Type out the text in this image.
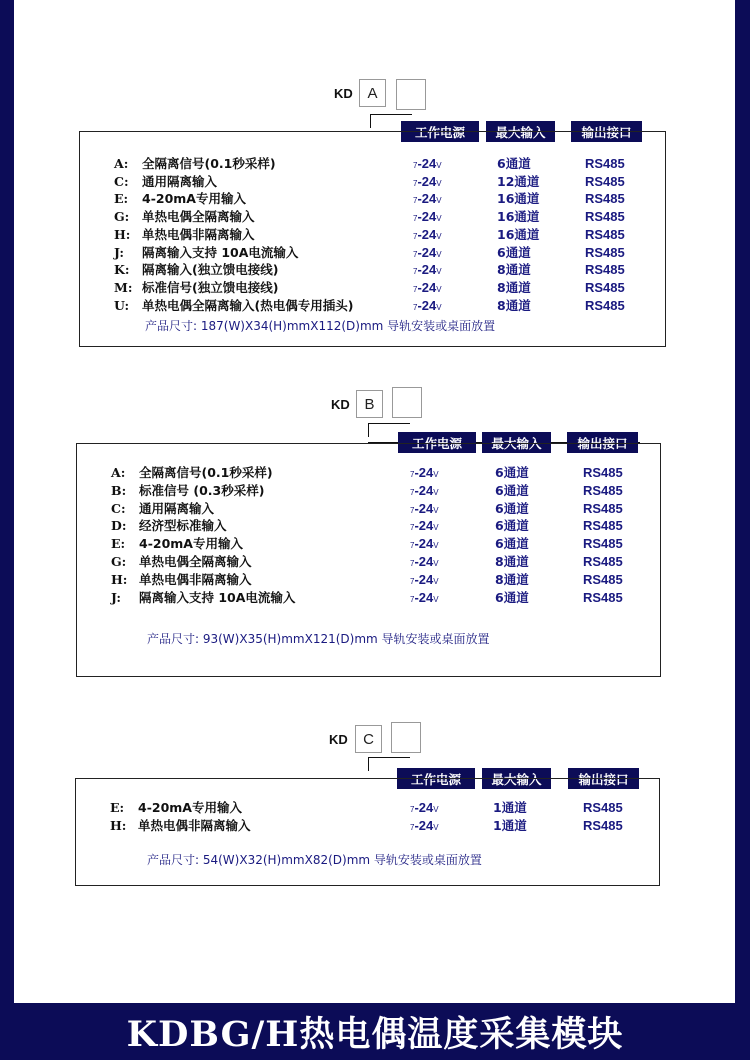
KD A
工作电源	最大输入	输出接口
A: 全隔离信号(0.1秒采样)	7-24V	6通道	RS485
C: 通用隔离输入	7-24V	12通道	RS485
E: 4-20mA专用输入	7-24V	16通道	RS485
G: 单热电偶全隔离输入	7-24V	16通道	RS485
H: 单热电偶非隔离输入	7-24V	16通道	RS485
J: 隔离输入支持 10A电流输入	7-24V	6通道	RS485
K: 隔离输入(独立馈电接线)	7-24V	8通道	RS485
M: 标准信号(独立馈电接线)	7-24V	8通道	RS485
U: 单热电偶全隔离输入(热电偶专用插头)	7-24V	8通道	RS485
产品尺寸: 187(W)X34(H)mmX112(D)mm 导轨安装或桌面放置
KD B
工作电源	最大输入	输出接口
A: 全隔离信号(0.1秒采样)	7-24V	6通道	RS485
B: 标准信号 (0.3秒采样)	7-24V	6通道	RS485
C: 通用隔离输入	7-24V	6通道	RS485
D: 经济型标准输入	7-24V	6通道	RS485
E: 4-20mA专用输入	7-24V	6通道	RS485
G: 单热电偶全隔离输入	7-24V	8通道	RS485
H: 单热电偶非隔离输入	7-24V	8通道	RS485
J: 隔离输入支持 10A电流输入	7-24V	6通道	RS485
产品尺寸: 93(W)X35(H)mmX121(D)mm 导轨安装或桌面放置
KD	C
工作电源	最大输入	输出接口
E: 4-20mA专用输入	7-24V	1通道	RS485
H: 单热电偶非隔离输入	7-24V	1通道	RS485
产品尺寸: 54(W)X32(H)mmX82(D)mm 导轨安装或桌面放置
KDBG/H热电偶温度采集模块
